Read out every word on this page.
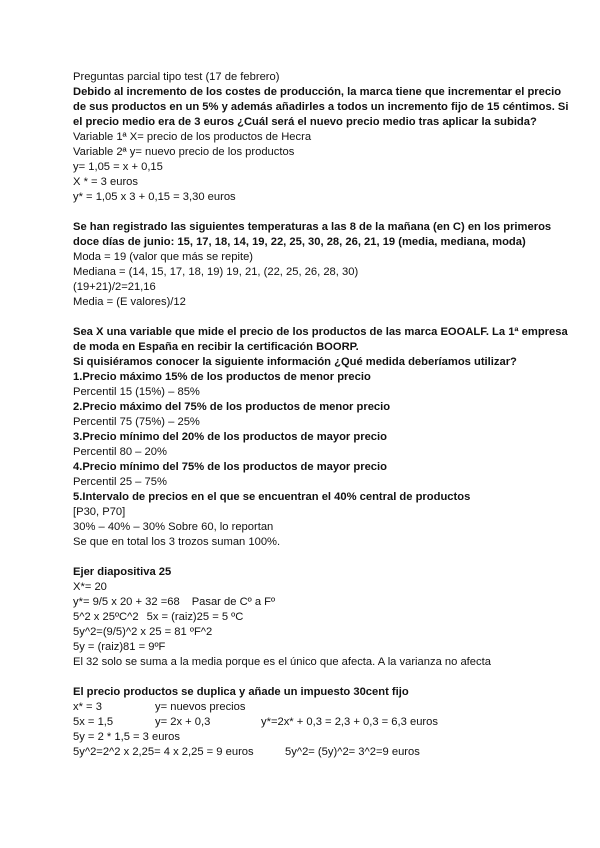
Preguntas parcial tipo test (17 de febrero)
Debido al incremento de los costes de producción, la marca tiene que incrementar el precio de sus productos en un 5% y además añadirles a todos un incremento fijo de 15 céntimos. Si el precio medio era de 3 euros ¿Cuál será el nuevo precio medio tras aplicar la subida?
Variable 1ª X= precio de los productos de Hecra
Variable 2ª y= nuevo precio de los productos
y= 1,05 = x + 0,15
X * = 3 euros
y* = 1,05 x 3 + 0,15 = 3,30 euros
Se han registrado las siguientes temperaturas a las 8 de la mañana (en C) en los primeros doce días de junio: 15, 17, 18, 14, 19, 22, 25, 30, 28, 26, 21, 19 (media, mediana, moda)
Moda = 19 (valor que más se repite)
Mediana = (14, 15, 17, 18, 19) 19, 21, (22, 25, 26, 28, 30)
(19+21)/2=21,16
Media = (E valores)/12
Sea X una variable que mide el precio de los productos de las marca EOOALF. La 1ª empresa de moda en España en recibir la certificación BOORP.
Si quisiéramos conocer la siguiente información ¿Qué medida deberíamos utilizar?
1.Precio máximo 15% de los productos de menor precio
Percentil 15 (15%) – 85%
2.Precio máximo del 75% de los productos de menor precio
Percentil 75 (75%) – 25%
3.Precio mínimo del 20% de los productos de mayor precio
Percentil 80 – 20%
4.Precio mínimo del 75% de los productos de mayor precio
Percentil 25 – 75%
5.Intervalo de precios en el que se encuentran el 40% central de productos
[P30, P70]
30% – 40% – 30% Sobre 60, lo reportan
Se que en total los 3 trozos suman 100%.
Ejer diapositiva 25
X*= 20
y*= 9/5 x 20 + 32 =68 Pasar de Cº a Fº
5^2 x 25ºC^2 5x = (raiz)25 = 5 ºC
5y^2=(9/5)^2 x 25 = 81 ºF^2
5y = (raiz)81 = 9ºF
El 32 solo se suma a la media porque es el único que afecta. A la varianza no afecta
El precio productos se duplica y añade un impuesto 30cent fijo
x* = 3	y= nuevos precios
5x = 1,5	y= 2x + 0,3	y*=2x* + 0,3 = 2,3 + 0,3 = 6,3 euros
5y = 2 * 1,5 = 3 euros
5y^2=2^2 x 2,25= 4 x 2,25 = 9 euros	5y^2= (5y)^2= 3^2=9 euros
